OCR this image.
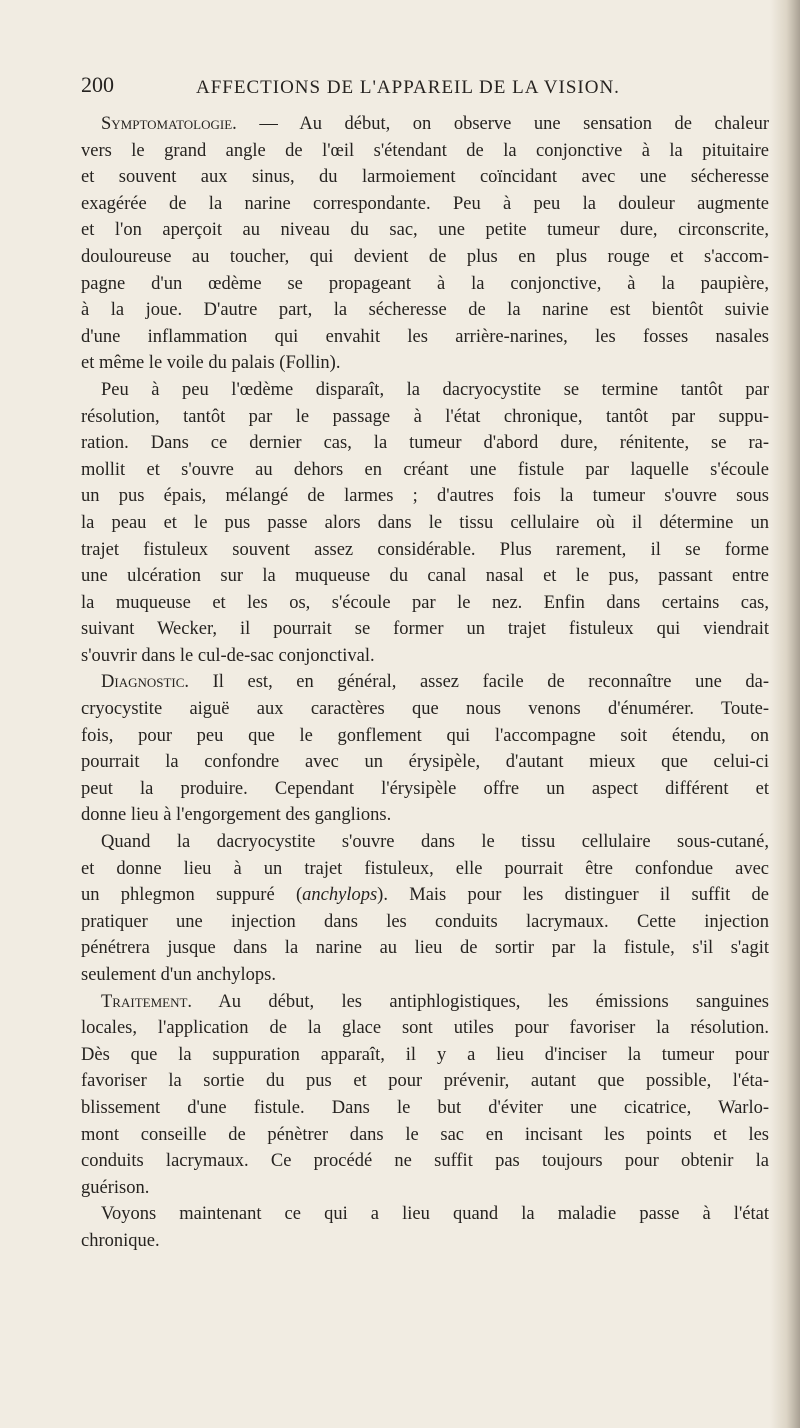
200	AFFECTIONS DE L'APPAREIL DE LA VISION.
Symptomatologie. — Au début, on observe une sensation de chaleur
vers le grand angle de l'œil s'étendant de la conjonctive à la pituitaire
et souvent aux sinus, du larmoiement coïncidant avec une sécheresse
exagérée de la narine correspondante. Peu à peu la douleur augmente
et l'on aperçoit au niveau du sac, une petite tumeur dure, circonscrite,
douloureuse au toucher, qui devient de plus en plus rouge et s'accom-
pagne d'un œdème se propageant à la conjonctive, à la paupière,
à la joue. D'autre part, la sécheresse de la narine est bientôt suivie
d'une inflammation qui envahit les arrière-narines, les fosses nasales
et même le voile du palais (Follin).
Peu à peu l'œdème disparaît, la dacryocystite se termine tantôt par
résolution, tantôt par le passage à l'état chronique, tantôt par suppu-
ration. Dans ce dernier cas, la tumeur d'abord dure, rénitente, se ra-
mollit et s'ouvre au dehors en créant une fistule par laquelle s'écoule
un pus épais, mélangé de larmes ; d'autres fois la tumeur s'ouvre sous
la peau et le pus passe alors dans le tissu cellulaire où il détermine un
trajet fistuleux souvent assez considérable. Plus rarement, il se forme
une ulcération sur la muqueuse du canal nasal et le pus, passant entre
la muqueuse et les os, s'écoule par le nez. Enfin dans certains cas,
suivant Wecker, il pourrait se former un trajet fistuleux qui viendrait
s'ouvrir dans le cul-de-sac conjonctival.
Diagnostic. Il est, en général, assez facile de reconnaître une da-
cryocystite aiguë aux caractères que nous venons d'énumérer. Toute-
fois, pour peu que le gonflement qui l'accompagne soit étendu, on
pourrait la confondre avec un érysipèle, d'autant mieux que celui-ci
peut la produire. Cependant l'érysipèle offre un aspect différent et
donne lieu à l'engorgement des ganglions.
Quand la dacryocystite s'ouvre dans le tissu cellulaire sous-cutané,
et donne lieu à un trajet fistuleux, elle pourrait être confondue avec
un phlegmon suppuré (anchylops). Mais pour les distinguer il suffit de
pratiquer une injection dans les conduits lacrymaux. Cette injection
pénétrera jusque dans la narine au lieu de sortir par la fistule, s'il s'agit
seulement d'un anchylops.
Traitement. Au début, les antiphlogistiques, les émissions sanguines
locales, l'application de la glace sont utiles pour favoriser la résolution.
Dès que la suppuration apparaît, il y a lieu d'inciser la tumeur pour
favoriser la sortie du pus et pour prévenir, autant que possible, l'éta-
blissement d'une fistule. Dans le but d'éviter une cicatrice, Warlo-
mont conseille de pénètrer dans le sac en incisant les points et les
conduits lacrymaux. Ce procédé ne suffit pas toujours pour obtenir la
guérison.
Voyons maintenant ce qui a lieu quand la maladie passe à l'état
chronique.
